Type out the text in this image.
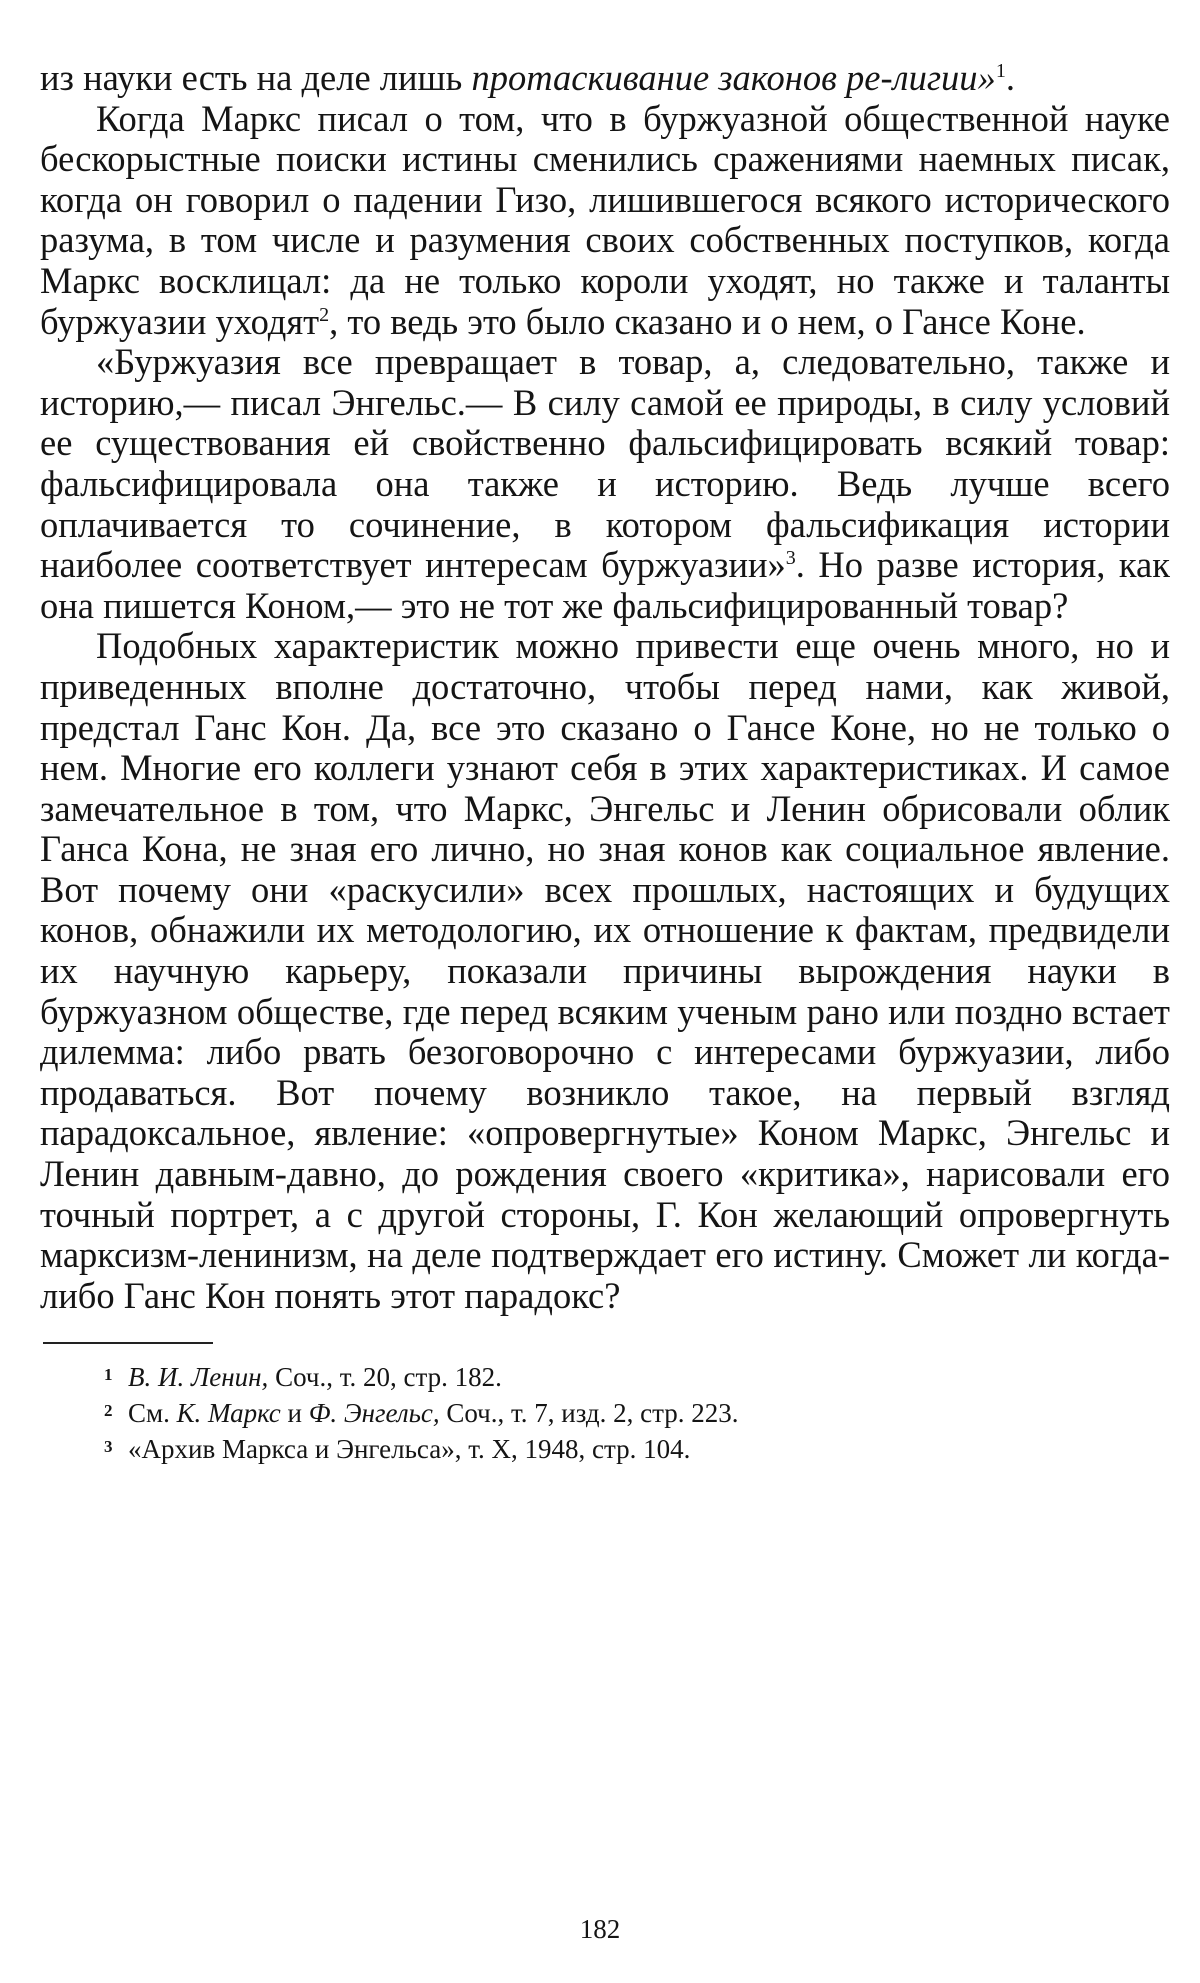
из науки есть на деле лишь протаскивание законов ре-лигии»$^1$.

Когда Маркс писал о том, что в буржуазной общественной науке бескорыстные поиски истины сменились сражениями наемных писак, когда он говорил о падении Гизо, лишившегося всякого исторического разума, в том числе и разумения своих собственных поступков, когда Маркс восклицал: да не только короли уходят, но также и таланты буржуазии уходят$^2$, то ведь это было сказано и о нем, о Гансе Коне.

«Буржуазия все превращает в товар, а, следовательно, также и историю,— писал Энгельс.— В силу самой ее природы, в силу условий ее существования ей свойственно фальсифицировать всякий товар: фальсифицировала она также и историю. Ведь лучше всего оплачивается то сочинение, в котором фальсификация истории наиболее соответствует интересам буржуазии»$^3$. Но разве история, как она пишется Коном,— это не тот же фальсифицированный товар?

Подобных характеристик можно привести еще очень много, но и приведенных вполне достаточно, чтобы перед нами, как живой, предстал Ганс Кон. Да, все это сказано о Гансе Коне, но не только о нем. Многие его коллеги узнают себя в этих характеристиках. И самое замечательное в том, что Маркс, Энгельс и Ленин обрисовали облик Ганса Кона, не зная его лично, но зная конов как социальное явление. Вот почему они «раскусили» всех прошлых, настоящих и будущих конов, обнажили их методологию, их отношение к фактам, предвидели их научную карьеру, показали причины вырождения науки в буржуазном обществе, где перед всяким ученым рано или поздно встает дилемма: либо рвать безоговорочно с интересами буржуазии, либо продаваться. Вот почему возникло такое, на первый взгляд парадоксальное, явление: «опровергнутые» Коном Маркс, Энгельс и Ленин давным-давно, до рождения своего «критика», нарисовали его точный портрет, а с другой стороны, Г. Кон желающий опровергнуть марксизм-ленинизм, на деле подтверждает его истину. Сможет ли когда-либо Ганс Кон понять этот парадокс?

1 В. И. Ленин, Соч., т. 20, стр. 182.
2 См. К. Маркс и Ф. Энгельс, Соч., т. 7, изд. 2, стр. 223.
3 «Архив Маркса и Энгельса», т. X, 1948, стр. 104.
182
